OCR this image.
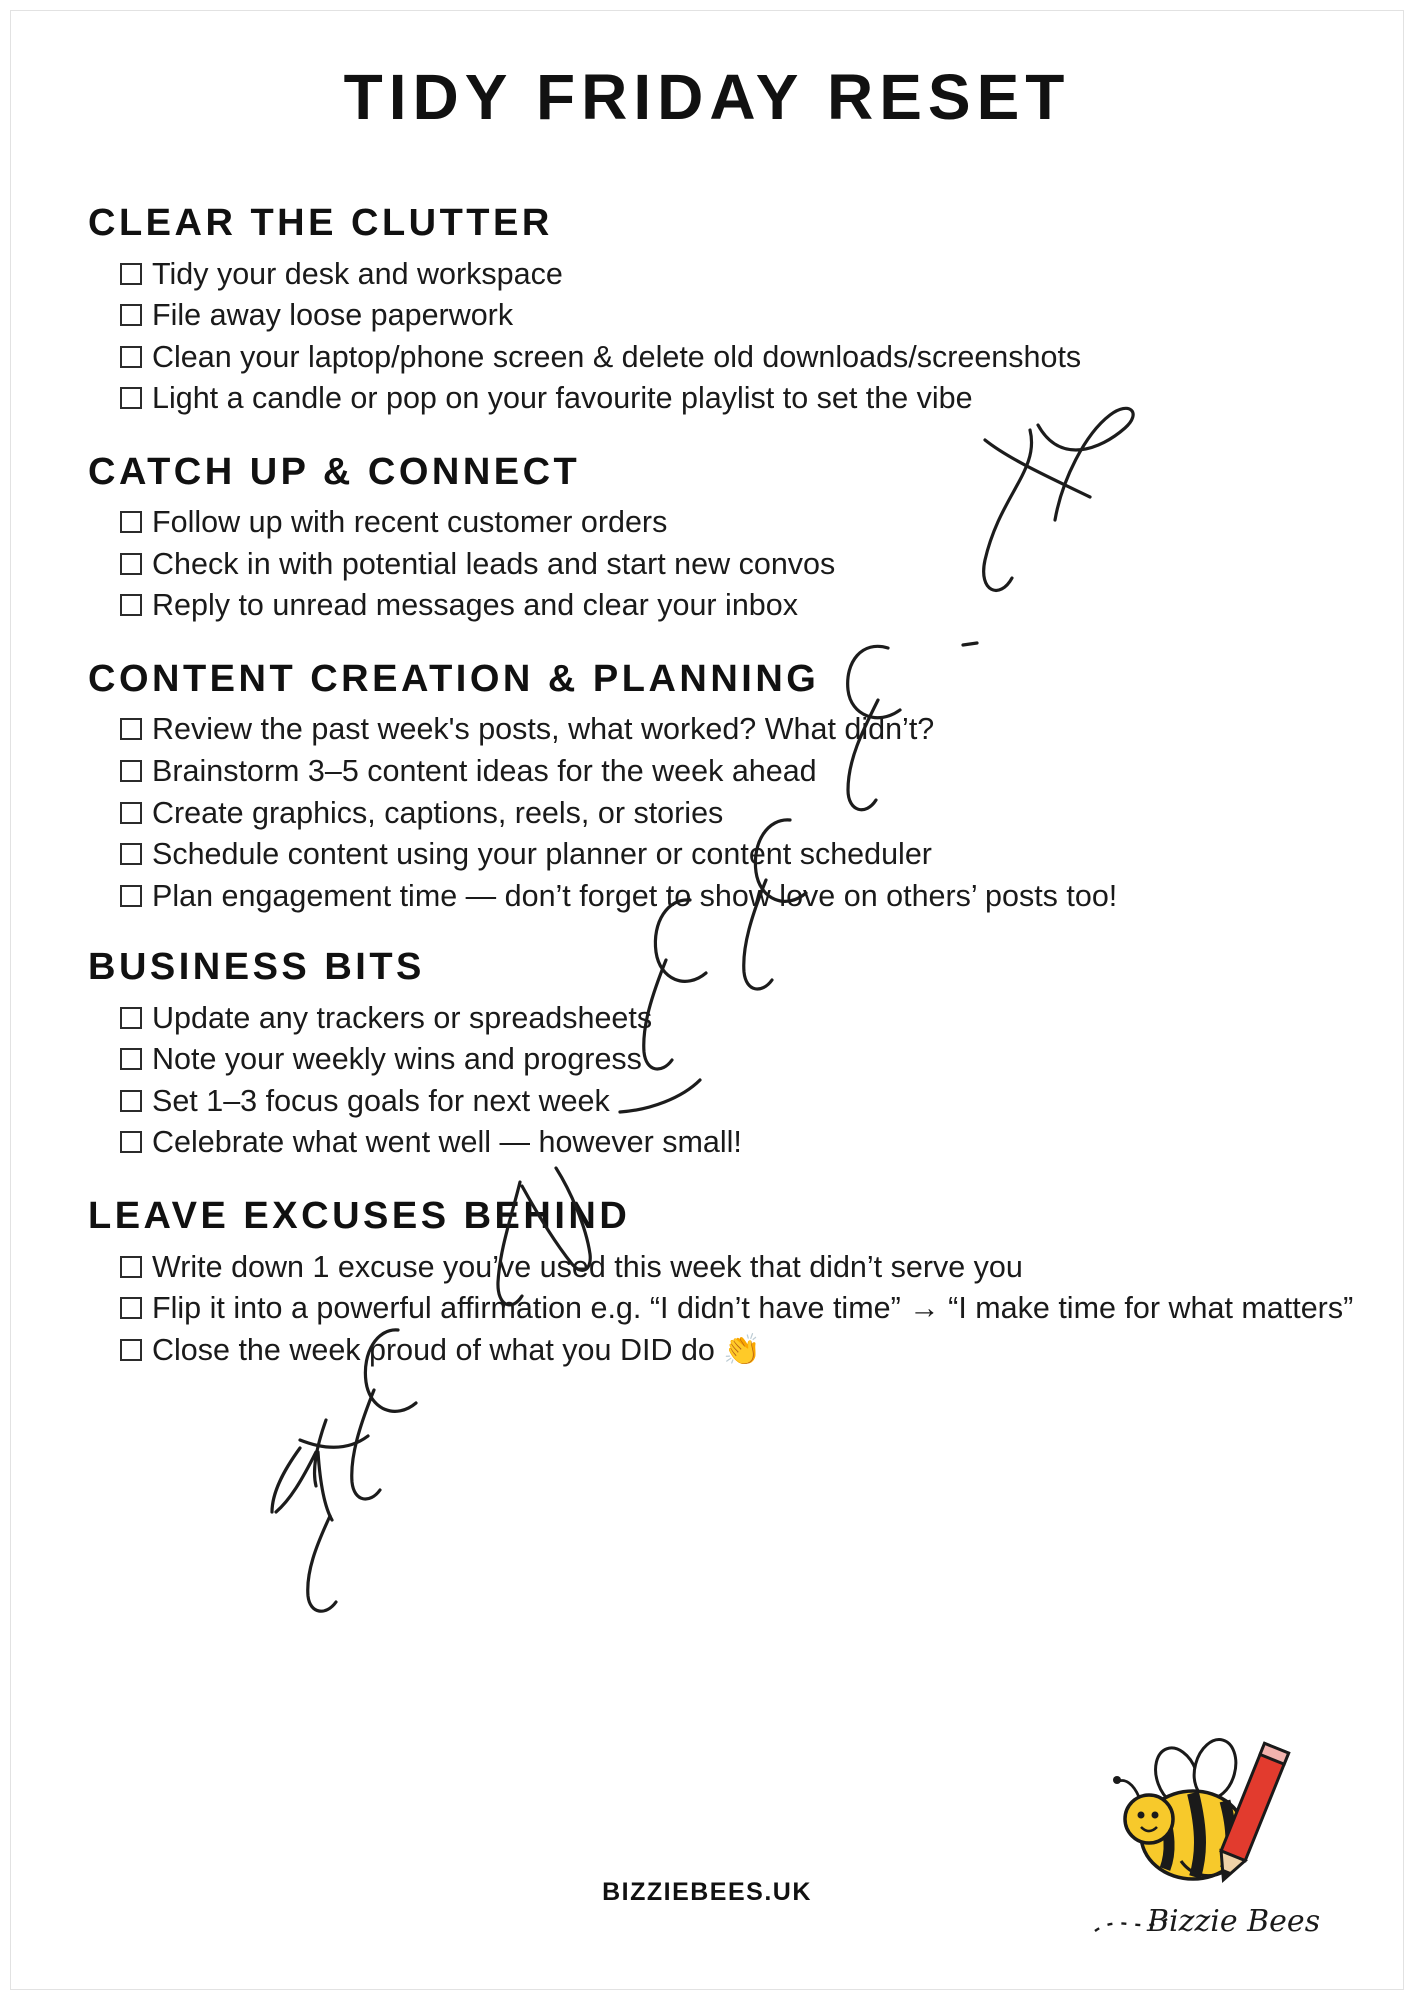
TIDY FRIDAY RESET
CLEAR THE CLUTTER
Tidy your desk and workspace
File away loose paperwork
Clean your laptop/phone screen & delete old downloads/screenshots
Light a candle or pop on your favourite playlist to set the vibe
CATCH UP & CONNECT
Follow up with recent customer orders
Check in with potential leads and start new convos
Reply to unread messages and clear your inbox
CONTENT CREATION & PLANNING
Review the past week's posts, what worked? What didn’t?
Brainstorm 3–5 content ideas for the week ahead
Create graphics, captions, reels, or stories
Schedule content using your planner or content scheduler
Plan engagement time — don’t forget to show love on others’ posts too!
BUSINESS BITS
Update any trackers or spreadsheets
Note your weekly wins and progress
Set 1–3 focus goals for next week
Celebrate what went well — however small!
LEAVE EXCUSES BEHIND
Write down 1 excuse you’ve used this week that didn’t serve you
Flip it into a powerful affirmation e.g. “I didn’t have time” → “I make time for what matters”
Close the week proud of what you DID do 👏
BIZZIEBEES.UK
Bizzie Bees
